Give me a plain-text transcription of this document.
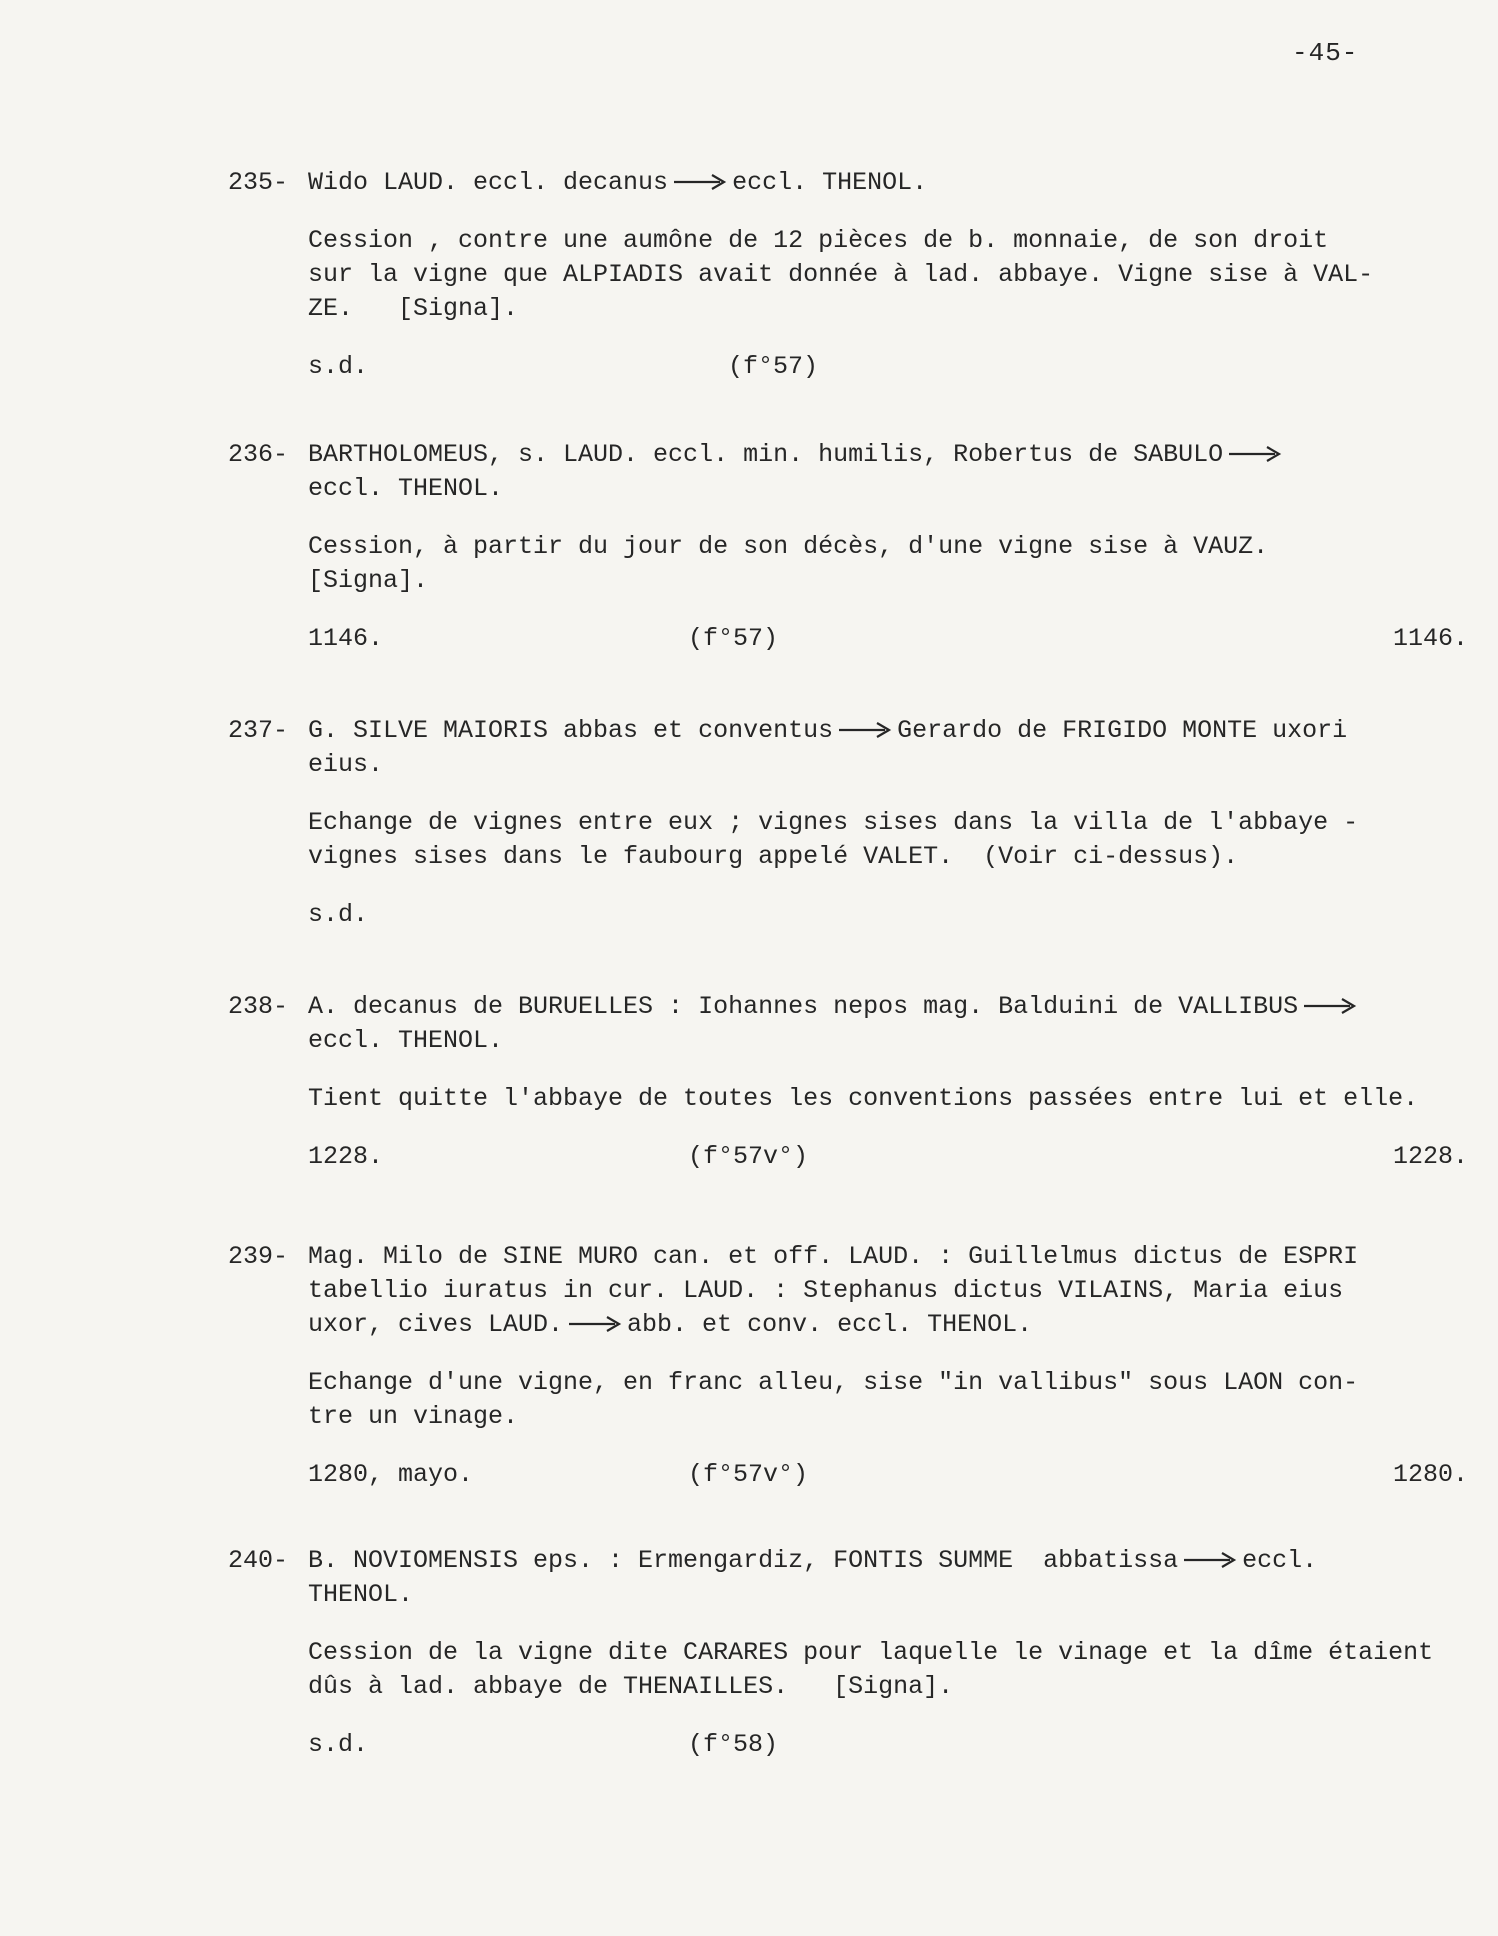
-45-
235- Wido LAUD. eccl. decanus	eccl. THENOL.
Cession , contre une aumône de 12 pièces de b. monnaie, de son droit
sur la vigne que ALPIADIS avait donnée à lad. abbaye. Vigne sise à VAL-
ZE.   [Signa].
s.d.	(f°57)
236- BARTHOLOMEUS, s. LAUD. eccl. min. humilis, Robertus de SABULO
eccl. THENOL.
Cession, à partir du jour de son décès, d'une vigne sise à VAUZ.
[Signa].
1146.	(f°57)	1146.
237- G. SILVE MAIORIS abbas et conventus	Gerardo de FRIGIDO MONTE uxori
eius.
Echange de vignes entre eux ; vignes sises dans la villa de l'abbaye -
vignes sises dans le faubourg appelé VALET.  (Voir ci-dessus).
s.d.
238- A. decanus de BURUELLES : Iohannes nepos mag. Balduini de VALLIBUS
eccl. THENOL.
Tient quitte l'abbaye de toutes les conventions passées entre lui et elle.
1228.	(f°57v°)	1228.
239- Mag. Milo de SINE MURO can. et off. LAUD. : Guillelmus dictus de ESPRI
tabellio iuratus in cur. LAUD. : Stephanus dictus VILAINS, Maria eius
uxor, cives LAUD.	abb. et conv. eccl. THENOL.
Echange d'une vigne, en franc alleu, sise "in vallibus" sous LAON con-
tre un vinage.
1280, mayo.	(f°57v°)	1280.
240- B. NOVIOMENSIS eps. : Ermengardiz, FONTIS SUMME  abbatissa	eccl.
THENOL.
Cession de la vigne dite CARARES pour laquelle le vinage et la dîme étaient
dûs à lad. abbaye de THENAILLES.   [Signa].
s.d.	(f°58)
